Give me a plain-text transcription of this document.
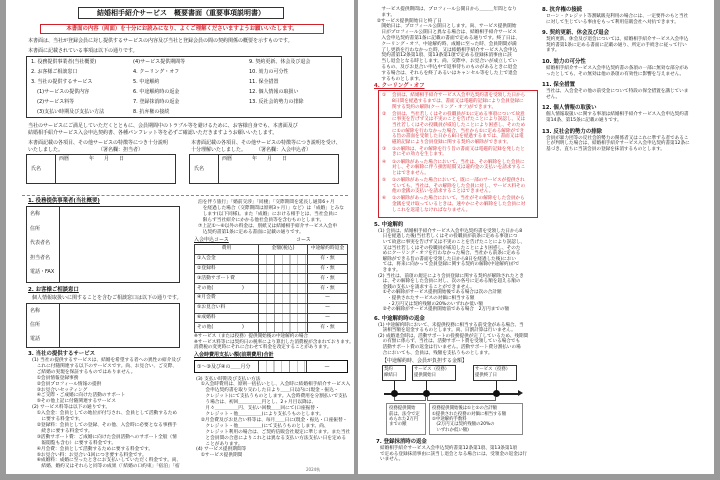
結婚相手紹介サービス　概要書面（重要事項説明書）
本書面の内容（両面）を十分にお読みになり、よくご理解くださいますようお願いいたします。
本書面は、当社が登録会員に対し提供するサービスの内容及び当社と登録会員の間の契約関係の概要を示すものです。
本書面に記載されている事項は以下の通りです。
1. 役務提供事業者(当社概要)
2. お客様ご相談窓口
3. 当社の提供するサービス
(1)サービスの提供内容
(2)サービス料等
(3)支払い時期及び支払い方法
(4)サービス提供期間等
4. クーリング・オフ
5. 中途解約
6. 中途解約時の返金
7. 登録抹消時の返金
8. 抗弁権の接続
9. 契約更新、休会及び退会
10. 効力の可分性
11. 保全措置
12. 個人情報の取扱い
13. 反社会的勢力の排除
当社のサービスにご満足していただくとともに、会員期間中のトラブル等を避けるために、お客様自身でも、本書面及び
結婚相手紹介サービス入会申込契約書、各種パンフレット等を必ずご確認いただきますようお願いいたします。
本書面記載の各項目、その他サービスの特徴等につき十分説明
いたしました。　　　　　　　　（署名欄：担当者）
西暦　　　　年　　月　　日
氏名
本書面記載の各項目、その他サービスの特徴等につき説明を受け、
十分理解いたしました。　　　（署名欄：入会申込者）
西暦　　　　年　　月　　日
氏名
1. 役務提供事業者(当社概要)
名称
住所
代表者名
担当者名
電話・FAX
2. お客様ご相談窓口
個人情報取扱いに関することを含むご相談窓口は以下の通りです。
名称
住所
電話
3. 当社の提供するサービス
(1) 当社の提供するサービスは、結婚を希望する者への異性の紹介及び
　これに付随関連する以下のサービスです。尚、お見合い、ご交際、
　ご結婚の実現を保証するものではありません。
　①会員情報登録事務
　②会員プロフィール情報の提供
　③お見合いセッティング
　④ご交際・ご成婚に向けた活動のサポート
　⑤その他上記に付随関連するサービス
(2) サービス料等は以下の通りです。
　①入会金：会員としての地位が付与され、会員として活動するため
　　に要する料金です。
　②登録料：会員としての登録、その他、入会時に必要となる事務手
　　続きに要する料金です。
　③活動サポート費：ご成婚に向けた会員活動へのサポート全般（情
　　報閲覧も含む）に要する料金です。
　④月会費：会員として活動するために要する料金です。
　⑤お見合い料：お見合い1回につき要する料金です。
　⑥成婚料：成婚に至ったときにお支払いしていただく料金です。尚、
　　結婚、婚約又はそれらと同等の成果（「結婚の口約束」「宿泊」「宿
泊を伴う旅行」「婚前交渉」「同棲」「交際期間を延長し通算6ヶ月
　を経過した場合（交際期間は原則3ヶ月）」など）は「成婚」とみな
　します(以下同様)。また「成婚」における相手とは、当社会員に
　限らず当社紹介にかかる他社会員等を含むものとします。
⑦上記①～⑥以外の料金は、別紙又は結婚相手紹介サービス入会申
　込契約書第1条に定める書面に記載の通りです。
入会申込コース	コース
費用	金額(税込)	中途解約時返金
①入会金		有・無
②登録料		有・無
③活動サポート費		有・無
その他(　　　　　　)		有・無
④月会費		—
⑤お見合い料		—
⑥成婚料		—
その他(　　　　　　)		有・無
※サービス（または役務）提供開始後の中途解約の場合
※サービス料等には契約日の税率により算出した消費税が含まれております。
消費税の変更時にそれに合わせて料金を改定することがあります。
入会時費用支払い額(前期費用)合計
①～③及び④の＿＿月分	—
(3) 支払い時期及び支払い方法
　①入会時費用は、原則一括払いとし、入会時に結婚相手紹介サービス入
　　会申込契約書を取り交わした日より＿＿日以内に(現金・振込・
　　クレジット)にて支払うものとします。入会時費用を分割払いで支払
　　う場合は、初回＿＿＿＿＿円とし、2ヶ月目以降は、
　　月々＿＿＿＿＿円、支払い回数＿＿回にて(口座振替・
　　クレジット・他＿＿＿＿＿)により支払うものとします。
　②月会費及びお見合い料等は、毎月＿＿日に(現金・振込・口座振替・
　　クレジット・他＿＿＿＿＿)にて支払うものとします。尚、
　　クレジット利用の場合は、ご契約信販会社規定に準じます。また当社
　　と会員間の合意によりこれとは異なる支払い方法支払い日を定める
　　ことがあります。
(4) サービス提供期間等
　①サービス提供期間
2024秋
　　サービス提供期間は、プロフィール公開日から＿＿＿年間となり
　　ます。
　②サービス提供開始日と終了日
　　開始日は、プロフィール公開日とします。尚、サービス提供開始
　　日がプロフィール公開日と異なる場合は、結婚相手紹介サービス
　　入会申込契約書第1条に記載の書面で定める通りです。終了日は、
　　クーリング・オフ、中途解約時、成婚に至った時、会員期間が満
　　了し更新を行わなかった時、又は結婚相手紹介サービス入会申込
　　契約書第12条第1項、第13条第1項で定める登録抹消事由に該
　　当し退会となる時とします。尚、交際中、お見合いが成立してい
　　るもの、及びお見合い申込中で返事待ちのものがあるときに退会
　　する場合は、それらを終了あるいはキャンセル等をした上で退会
　　するものとします。
4. クーリング・オフ
①	会員は、結婚相手紹介サービス入会申込契約書を受領した日から
8日間を経過するまでは、書面又は電磁的記録により会員登録に
関する契約の解除(クーリング・オフ)ができます。
②	会員は、当社若しくはその役職員が①に定める事項について故意
に事実を告げず又は不実のことを告げたことにより誤認し、又は
当社若しくはその役職員が威迫したことにより困惑し、そのため
に①の解除を行わなかった場合、当社から①に定める解除ができ
る旨の書面を受領した日から8日を経過するまでは、書面又は電
磁的記録により会員登録に関する契約の解除ができます。
③	①の解除は、その解除を行う旨の書面又は電磁的記録を発したと
きにその効力を生じます。
④	①の解除があった場合において、当社は、その解除をした会員に
対し、その解除に伴う損害賠償又は違約金の支払いを請求するこ
とはできません。
⑤	①の解除があった場合において、既に一部のサービスが提供され
ていても、当社は、その解除をした会員に対し、サービス料その
他の金銭の支払いを請求することはできません。
⑥	①の解除があった場合において、当社がその解除をした会員から
金銭を受け取っているときは、速やかにその解除をした会員に対
しこれを返還しなければなりません。
5. 中途解約
(1) 会員は、結婚相手紹介サービス入会申込契約書を受領した日から8
　日を経過した後(当社若しくはその役職員が前条に定める事項につ
　いて故意に事実を告げず又は不実のことを告げたことにより誤認し、
　又は当社若しくはその役職員が威迫したことにより困惑し、そのた
　めにクーリング・オフを行わなかった場合、当社から前条に定める
　解除ができる旨の書面を受領した日から8日を経過した後)におい
　ては、将来に向かって会員登録に関する契約の解除(中途解約)がで
　きます。
(2) 当社は、前項の規定により会員登録に関する契約が解除されたとき
　は、その解除をした会員に対し、次の各号に定める額を超える額の
　金銭の支払いを請求することができません。
　①その解除がサービス提供開始後である場合は次の合計額
　　・提供されたサービスの対価に相当する額
　　・2万円又は契約残額の20%のいずれか低い額
　②その解除がサービス提供開始前である場合　2万円までの額
6. 中途解約時の返金
(1) 中途解約時において、未提供役務に相当する前受金がある場合、当
　該相当額を返金するものとします。尚、日割計算は行いません。
(2) 成婚退会時は、活動サポートの役務提供が完了しているため、残期間
　の有無に係らず、当社は、活動サポート費を受領している場合でも
　活動サポート費の返金は行いません。活動サポート費分割払いの場
　合においても、会員は、残額を支払うものとします。
【中途解約時、会員が負担する金額】
契約
締結日
サービス（役務）
提供開始日
サービス（役務）
提供終了日
役務提供開始
前は、法令で定
められた2万円
までの額
役務提供開始後は①と②の合計額
①提供された役務の対価に相当する額
②中途解約手数料
　(2万円又は契約残額の20%の
　いずれか低い額)
7. 登録抹消時の返金
結婚相手紹介サービス入会申込契約書第12条第1項、第13条第1項
で定める登録抹消事由に該当し退会となる場合には、受領金の返金は行
いません。
8. 抗弁権の接続
ローン・クレジット等割賦販売利用の場合には、一定要件のもと当社
に対して生じている事由をもって利用信販会社へ対抗できます。
9. 契約更新、休会及び退会
契約更新、休会及び退会については、結婚相手紹介サービス入会申込
契約書第1条に定める書面に記載の通り、所定の手続きに従って行い
ます。
10. 効力の可分性
結婚相手紹介サービス入会申込契約書の条項の一部に無効な部分があ
ったとしても、その無効は他の条項の有効性に影響を与えません。
11. 保全措置
当社は、入会金その他の前受金について特段の保全措置を講じていま
せん。
12. 個人情報の取扱い
個人情報取扱いに関する事項は結婚相手紹介サービス入会申込契約書
第14条、第15条に記載の通りです。
13. 反社会的勢力の排除
会員が暴力団等の反社会的勢力の関係者又はこれに準ずる者であるこ
とが判明した場合は、結婚相手紹介サービス入会申込契約書第12条に
基づき、直ちに当該会員の登録を抹消するものとします。
